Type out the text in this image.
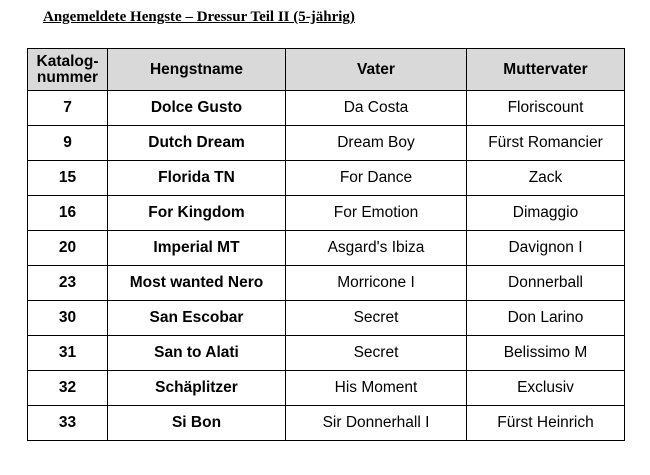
Angemeldete Hengste – Dressur Teil II (5-jährig)
Katalog-
nummer	Hengstname	Vater	Muttervater
7	Dolce Gusto	Da Costa	Floriscount
9	Dutch Dream	Dream Boy	Fürst Romancier
15	Florida TN	For Dance	Zack
16	For Kingdom	For Emotion	Dimaggio
20	Imperial MT	Asgard's Ibiza	Davignon I
23	Most wanted Nero	Morricone I	Donnerball
30	San Escobar	Secret	Don Larino
31	San to Alati	Secret	Belissimo M
32	Schäplitzer	His Moment	Exclusiv
33	Si Bon	Sir Donnerhall I	Fürst Heinrich
